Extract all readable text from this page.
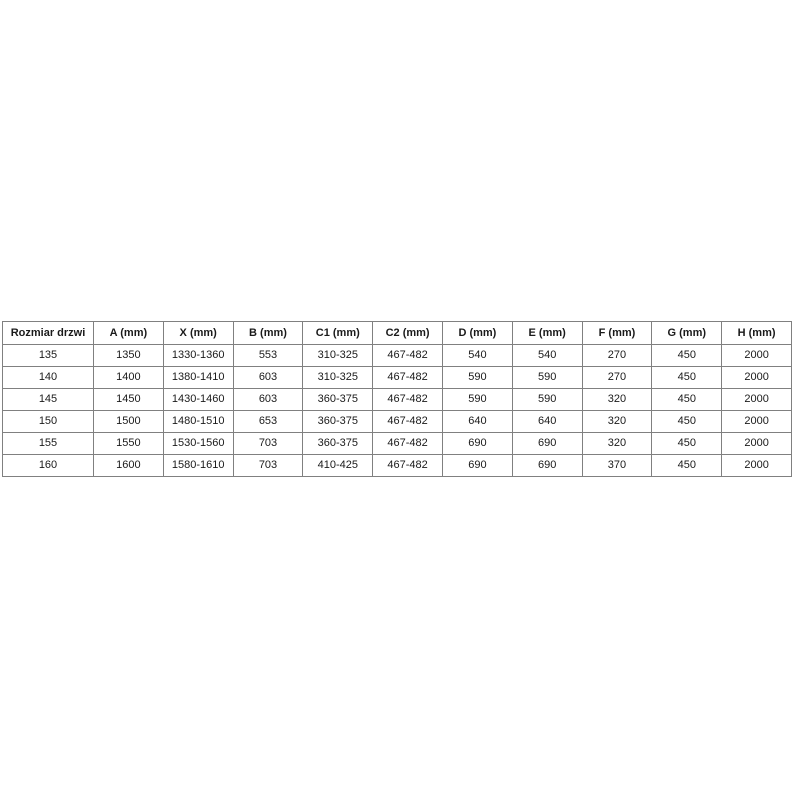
Rozmiar drzwi	A (mm)	X (mm)	B (mm)	C1 (mm)	C2 (mm)	D (mm)	E (mm)	F (mm)	G (mm)	H (mm)
135	1350	1330-1360	553	310-325	467-482	540	540	270	450	2000
140	1400	1380-1410	603	310-325	467-482	590	590	270	450	2000
145	1450	1430-1460	603	360-375	467-482	590	590	320	450	2000
150	1500	1480-1510	653	360-375	467-482	640	640	320	450	2000
155	1550	1530-1560	703	360-375	467-482	690	690	320	450	2000
160	1600	1580-1610	703	410-425	467-482	690	690	370	450	2000
